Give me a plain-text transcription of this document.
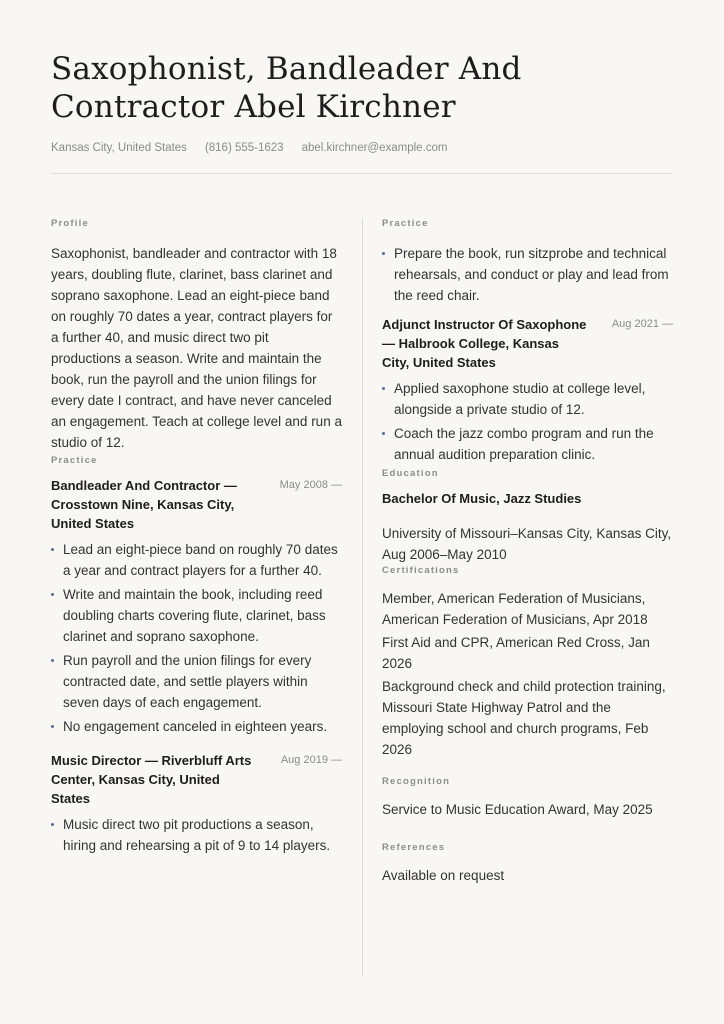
Saxophonist, Bandleader And Contractor Abel Kirchner
Kansas City, United States (816) 555-1623 abel.kirchner@example.com
Profile

Saxophonist, bandleader and contractor with 18 years, doubling flute, clarinet, bass clarinet and soprano saxophone. Lead an eight-piece band on roughly 70 dates a year, contract players for a further 40, and music direct two pit productions a season. Write and maintain the book, run the payroll and the union filings for every date I contract, and have never canceled an engagement. Teach at college level and run a studio of 12.

Practice
Bandleader And Contractor — Crosstown Nine, Kansas City, United States
May 2008 —
Lead an eight-piece band on roughly 70 dates a year and contract players for a further 40.
Write and maintain the book, including reed doubling charts covering flute, clarinet, bass clarinet and soprano saxophone.
Run payroll and the union filings for every contracted date, and settle players within seven days of each engagement.
No engagement canceled in eighteen years.
Music Director — Riverbluff Arts Center, Kansas City, United States
Aug 2019 —
Music direct two pit productions a season, hiring and rehearsing a pit of 9 to 14 players.
Practice
Prepare the book, run sitzprobe and technical rehearsals, and conduct or play and lead from the reed chair.
Adjunct Instructor Of Saxophone — Halbrook College, Kansas City, United States
Aug 2021 —
Applied saxophone studio at college level, alongside a private studio of 12.
Coach the jazz combo program and run the annual audition preparation clinic.
Education

Bachelor Of Music, Jazz Studies

University of Missouri–Kansas City, Kansas City, Aug 2006–May 2010

Certifications

Member, American Federation of Musicians, American Federation of Musicians, Apr 2018

First Aid and CPR, American Red Cross, Jan 2026

Background check and child protection training, Missouri State Highway Patrol and the employing school and church programs, Feb 2026

Recognition

Service to Music Education Award, May 2025

References

Available on request
